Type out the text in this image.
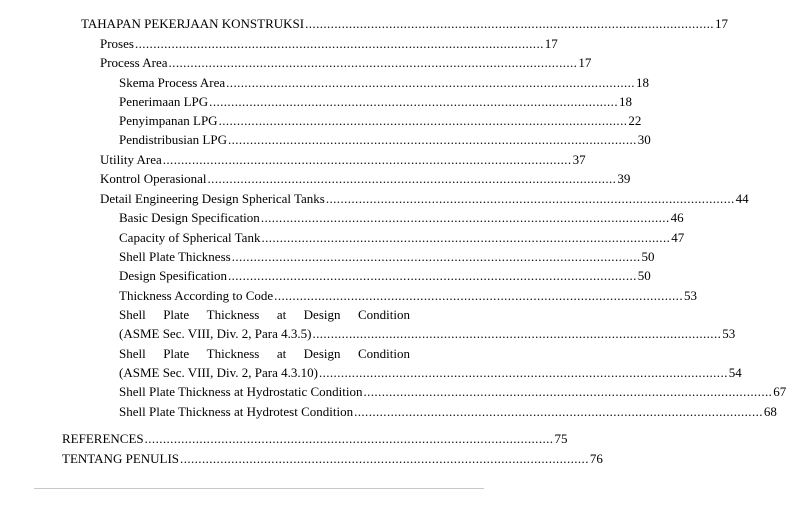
TAHAPAN PEKERJAAN KONSTRUKSI ................................................................................................................ 17
Proses ................................................................................................................ 17
Process Area ................................................................................................................ 17
Skema Process Area ................................................................................................................ 18
Penerimaan LPG ................................................................................................................ 18
Penyimpanan LPG ................................................................................................................ 22
Pendistribusian LPG ................................................................................................................ 30
Utility Area ................................................................................................................ 37
Kontrol Operasional ................................................................................................................ 39
Detail Engineering Design Spherical Tanks ................................................................................................................ 44
Basic Design Specification ................................................................................................................ 46
Capacity of Spherical Tank ................................................................................................................ 47
Shell Plate Thickness ................................................................................................................ 50
Design Spesification ................................................................................................................ 50
Thickness According to Code ................................................................................................................ 53
Shell Plate Thickness at Design Condition
(ASME Sec. VIII, Div. 2, Para 4.3.5) ................................................................................................................ 53
Shell Plate Thickness at Design Condition
(ASME Sec. VIII, Div. 2, Para 4.3.10) ................................................................................................................ 54
Shell Plate Thickness at Hydrostatic Condition ................................................................................................................ 67
Shell Plate Thickness at Hydrotest Condition ................................................................................................................ 68
REFERENCES ................................................................................................................ 75
TENTANG PENULIS ................................................................................................................ 76
